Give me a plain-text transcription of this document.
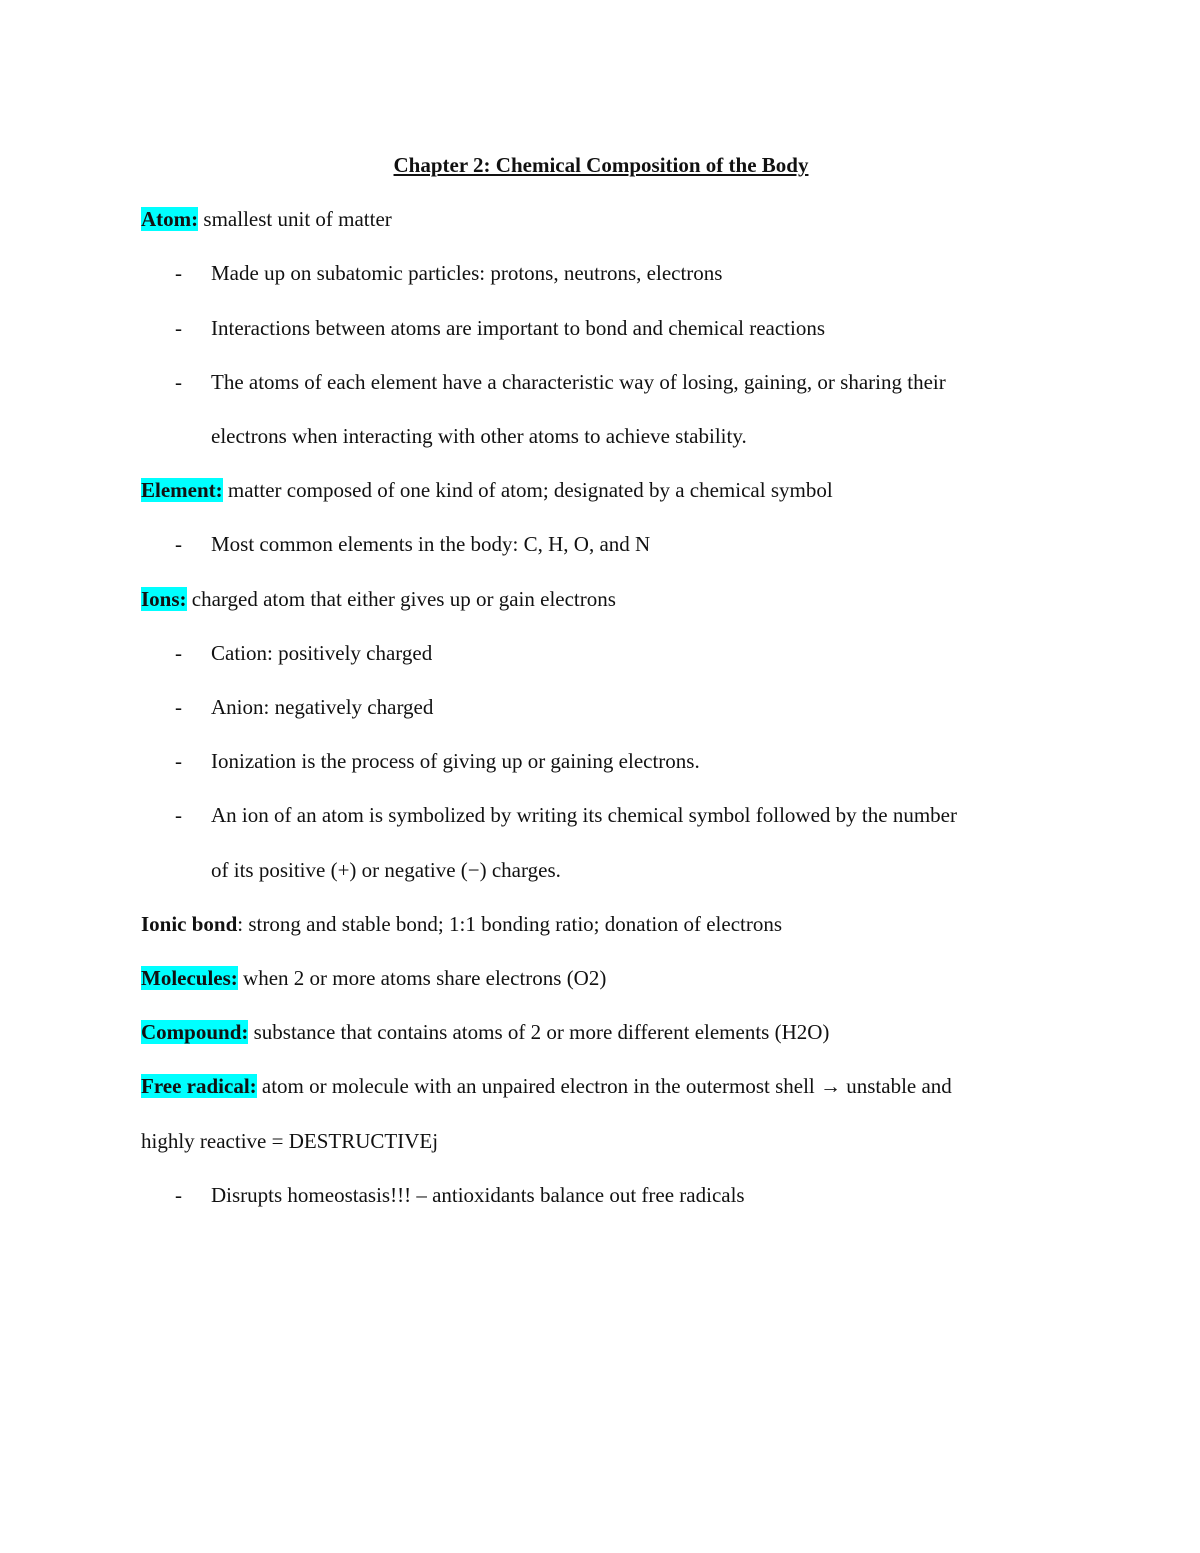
Chapter 2: Chemical Composition of the Body

Atom: smallest unit of matter

- Made up on subatomic particles: protons, neutrons, electrons

- Interactions between atoms are important to bond and chemical reactions

- The atoms of each element have a characteristic way of losing, gaining, or sharing their
electrons when interacting with other atoms to achieve stability.

Element: matter composed of one kind of atom; designated by a chemical symbol

- Most common elements in the body: C, H, O, and N

Ions: charged atom that either gives up or gain electrons

- Cation: positively charged

- Anion: negatively charged

- Ionization is the process of giving up or gaining electrons.

- An ion of an atom is symbolized by writing its chemical symbol followed by the number
of its positive (+) or negative (−) charges.

Ionic bond: strong and stable bond; 1:1 bonding ratio; donation of electrons

Molecules: when 2 or more atoms share electrons (O2)

Compound: substance that contains atoms of 2 or more different elements (H2O)

Free radical: atom or molecule with an unpaired electron in the outermost shell → unstable and

highly reactive = DESTRUCTIVEj

- Disrupts homeostasis!!! – antioxidants balance out free radicals
